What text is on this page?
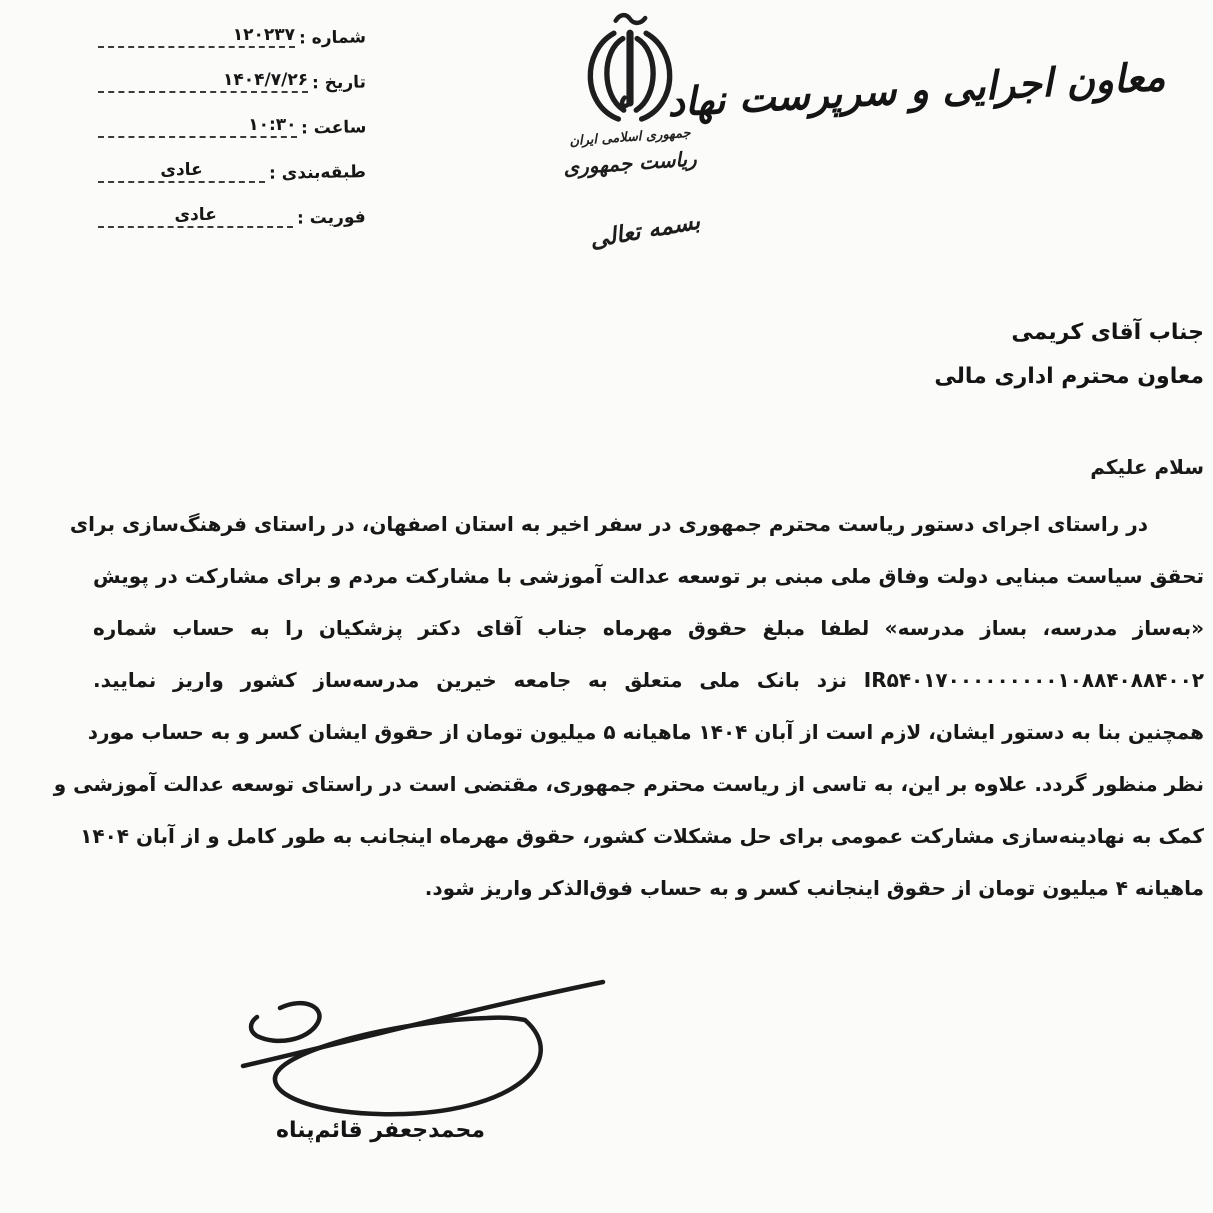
شماره :
۱۲۰۲۳۷
تاریخ :
۱۴۰۴/۷/۲۶
ساعت :
۱۰:۳۰
طبقه‌بندی :
عادی
فوریت :
عادی
جمهوری اسلامی ایران
ریاست جمهوری
بسمه تعالی
معاون اجرایی و سرپرست نهاد
جناب آقای کریمی
معاون محترم اداری مالی
سلام علیکم
در راستای اجرای دستور ریاست محترم جمهوری در سفر اخیر به استان اصفهان، در راستای فرهنگ‌سازی برای
تحقق سیاست مبنایی دولت وفاق ملی مبنی بر توسعه عدالت آموزشی با مشارکت مردم و برای مشارکت در پویش
«به‌ساز مدرسه، بساز مدرسه» لطفا مبلغ حقوق مهرماه جناب آقای دکتر پزشکیان را به حساب شماره
IR۵۴۰۱۷۰۰۰۰۰۰۰۰۰۱۰۸۸۴۰۸۸۴۰۰۲ نزد بانک ملی متعلق به جامعه خیرین مدرسه‌ساز کشور واریز نمایید.
همچنین بنا به دستور ایشان، لازم است از آبان ۱۴۰۴ ماهیانه ۵ میلیون تومان از حقوق ایشان کسر و به حساب مورد
نظر منظور گردد. علاوه بر این، به تاسی از ریاست محترم جمهوری، مقتضی است در راستای توسعه عدالت آموزشی و
کمک به نهادینه‌سازی مشارکت عمومی برای حل مشکلات کشور، حقوق مهرماه اینجانب به طور کامل و از آبان ۱۴۰۴
ماهیانه ۴ میلیون تومان از حقوق اینجانب کسر و به حساب فوق‌الذکر واریز شود.
محمدجعفر قائم‌پناه
